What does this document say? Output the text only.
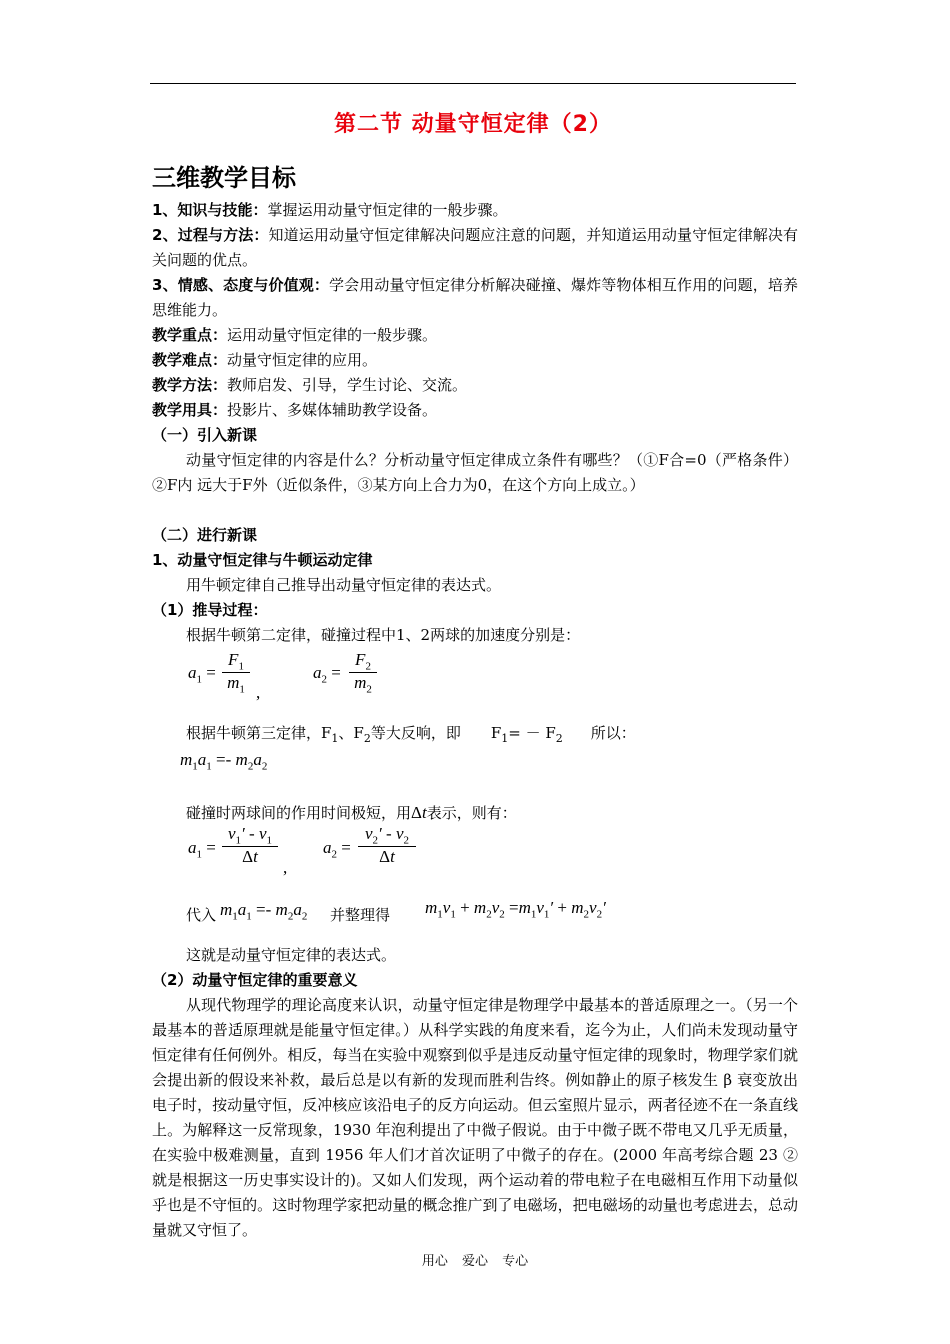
第二节 动量守恒定律（2）
三维教学目标
1、知识与技能：掌握运用动量守恒定律的一般步骤。
2、过程与方法：知道运用动量守恒定律解决问题应注意的问题，并知道运用动量守恒定律解决有关问题的优点。
3、情感、态度与价值观：学会用动量守恒定律分析解决碰撞、爆炸等物体相互作用的问题，培养思维能力。
教学重点：运用动量守恒定律的一般步骤。
教学难点：动量守恒定律的应用。
教学方法：教师启发、引导，学生讨论、交流。
教学用具：投影片、多媒体辅助教学设备。
（一）引入新课
动量守恒定律的内容是什么？分析动量守恒定律成立条件有哪些？（①F合=0（严格条件）②F内 远大于F外（近似条件，③某方向上合力为0，在这个方向上成立。）
（二）进行新课
1、动量守恒定律与牛顿运动定律
用牛顿定律自己推导出动量守恒定律的表达式。
（1）推导过程：
根据牛顿第二定律，碰撞过程中1、2两球的加速度分别是：
$a_1 = \frac{F_1}{m_1}$ ,
$a_2 = \frac{F_2}{m_2}$
根据牛顿第三定律，$F_1$、$F_2$等大反响，即 $F_1= - F_2$ 所以：
$m_1a_1 =- m_2a_2$
碰撞时两球间的作用时间极短，用Δt表示，则有：
$a_1 = \frac{v_1' - v_1}{\Delta t}$
,
$a_2 = \frac{v_2' - v_2}{\Delta t}$
代入 $m_1a_1 =- m_2a_2$ 并整理得	$m_1v_1 + m_2v_2 =m_1v_1' + m_2v_2'$
这就是动量守恒定律的表达式。
（2）动量守恒定律的重要意义
从现代物理学的理论高度来认识，动量守恒定律是物理学中最基本的普适原理之一。（另一个最基本的普适原理就是能量守恒定律。）从科学实践的角度来看，迄今为止，人们尚未发现动量守恒定律有任何例外。相反，每当在实验中观察到似乎是违反动量守恒定律的现象时，物理学家们就会提出新的假设来补救，最后总是以有新的发现而胜利告终。例如静止的原子核发生 β 衰变放出电子时，按动量守恒，反冲核应该沿电子的反方向运动。但云室照片显示，两者径迹不在一条直线上。为解释这一反常现象，1930 年泡利提出了中微子假说。由于中微子既不带电又几乎无质量，在实验中极难测量，直到 1956 年人们才首次证明了中微子的存在。(2000 年高考综合题 23 ② 就是根据这一历史事实设计的)。又如人们发现，两个运动着的带电粒子在电磁相互作用下动量似乎也是不守恒的。这时物理学家把动量的概念推广到了电磁场，把电磁场的动量也考虑进去，总动量就又守恒了。
用心 爱心 专心
